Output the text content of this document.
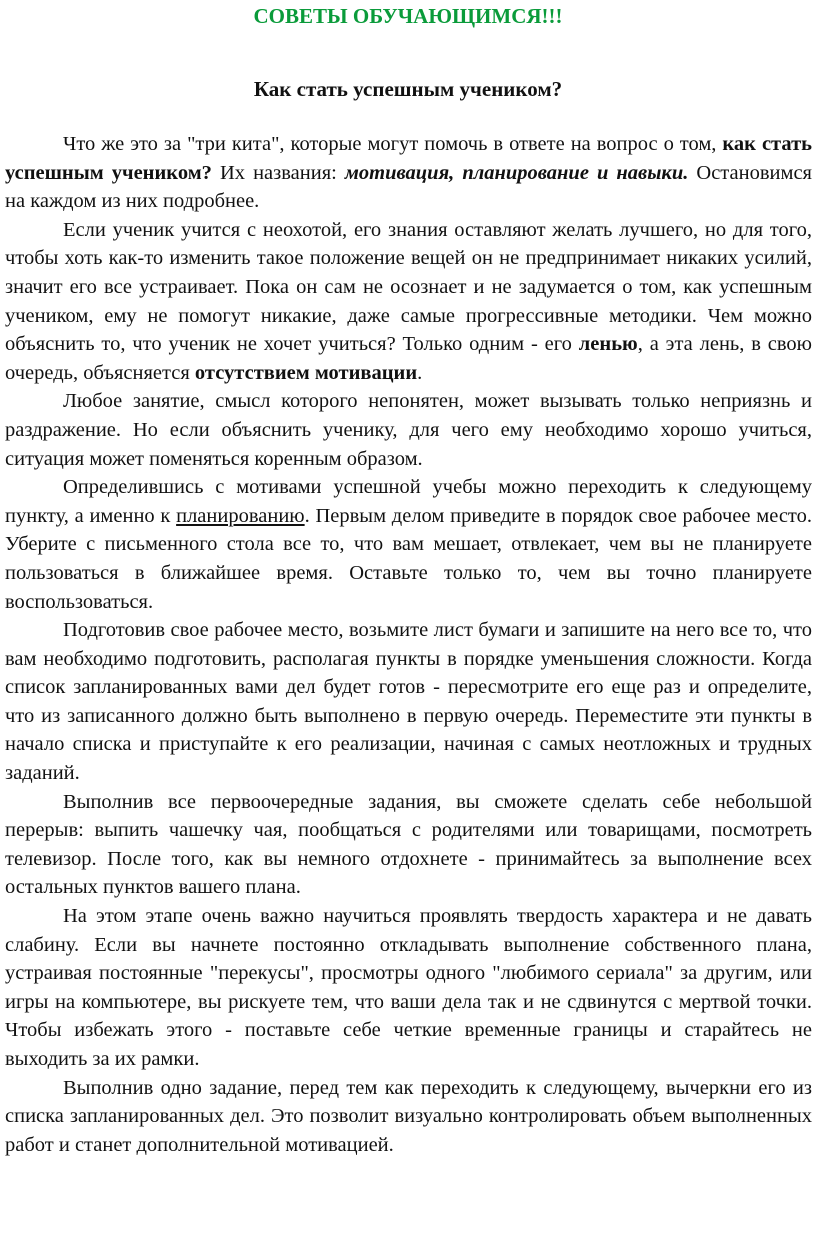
СОВЕТЫ ОБУЧАЮЩИМСЯ!!!
Как стать успешным учеником?

Что же это за "три кита", которые могут помочь в ответе на вопрос о том, как стать успешным учеником? Их названия: мотивация, планирование и навыки. Остановимся на каждом из них подробнее.

Если ученик учится с неохотой, его знания оставляют желать лучшего, но для того, чтобы хоть как-то изменить такое положение вещей он не предпринимает никаких усилий, значит его все устраивает. Пока он сам не осознает и не задумается о том, как успешным учеником, ему не помогут никакие, даже самые прогрессивные методики. Чем можно объяснить то, что ученик не хочет учиться? Только одним - его ленью, а эта лень, в свою очередь, объясняется отсутствием мотивации.

Любое занятие, смысл которого непонятен, может вызывать только неприязнь и раздражение. Но если объяснить ученику, для чего ему необходимо хорошо учиться, ситуация может поменяться коренным образом.

Определившись с мотивами успешной учебы можно переходить к следующему пункту, а именно к планированию. Первым делом приведите в порядок свое рабочее место. Уберите с письменного стола все то, что вам мешает, отвлекает, чем вы не планируете пользоваться в ближайшее время. Оставьте только то, чем вы точно планируете воспользоваться.

Подготовив свое рабочее место, возьмите лист бумаги и запишите на него все то, что вам необходимо подготовить, располагая пункты в порядке уменьшения сложности. Когда список запланированных вами дел будет готов - пересмотрите его еще раз и определите, что из записанного должно быть выполнено в первую очередь. Переместите эти пункты в начало списка и приступайте к его реализации, начиная с самых неотложных и трудных заданий.

Выполнив все первоочередные задания, вы сможете сделать себе небольшой перерыв: выпить чашечку чая, пообщаться с родителями или товарищами, посмотреть телевизор. После того, как вы немного отдохнете - принимайтесь за выполнение всех остальных пунктов вашего плана.

На этом этапе очень важно научиться проявлять твердость характера и не давать слабину. Если вы начнете постоянно откладывать выполнение собственного плана, устраивая постоянные "перекусы", просмотры одного "любимого сериала" за другим, или игры на компьютере, вы рискуете тем, что ваши дела так и не сдвинутся с мертвой точки. Чтобы избежать этого - поставьте себе четкие временные границы и старайтесь не выходить за их рамки.

Выполнив одно задание, перед тем как переходить к следующему, вычеркни его из списка запланированных дел. Это позволит визуально контролировать объем выполненных работ и станет дополнительной мотивацией.
